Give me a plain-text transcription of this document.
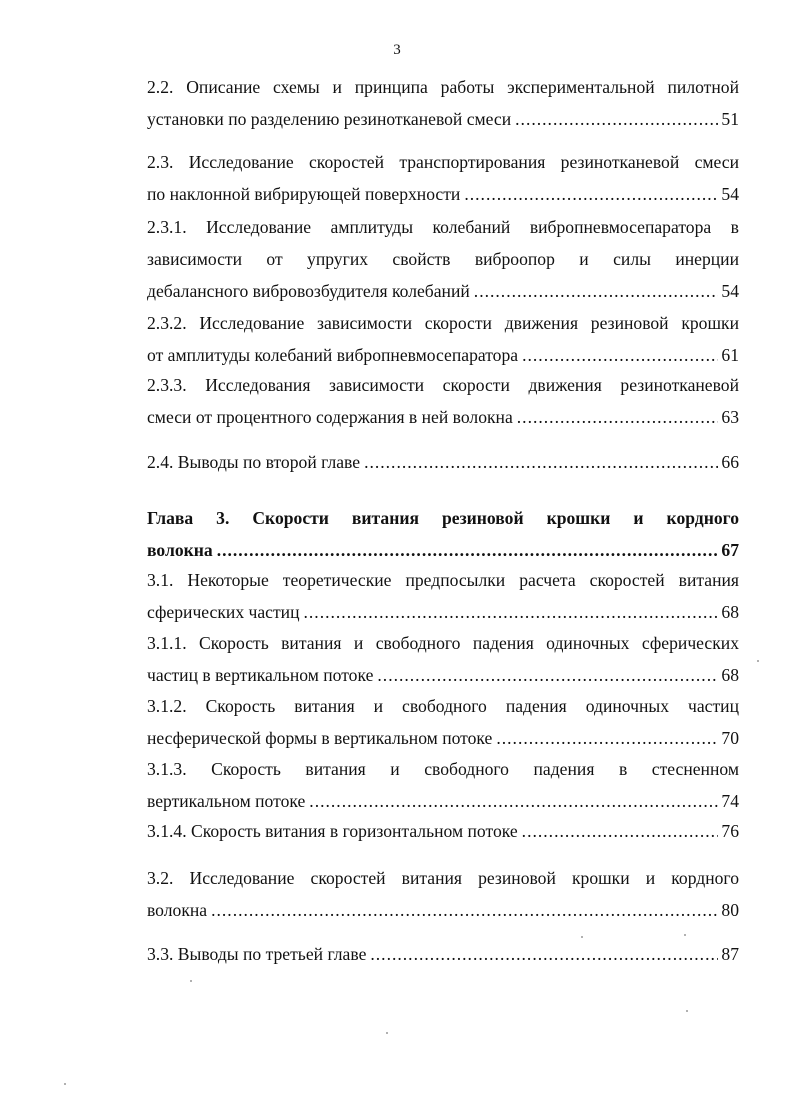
3

2.2. Описание схемы и принципа работы экспериментальной пилотной

установки по разделению резинотканевой смеси .....	51

2.3. Исследование скоростей транспортирования резинотканевой смеси

по наклонной вибрирующей поверхности .....	54

2.3.1. Исследование амплитуды колебаний вибропневмосепаратора в

зависимости от упругих свойств виброопор и силы инерции

дебалансного вибровозбудителя колебаний .....	54

2.3.2. Исследование зависимости скорости движения резиновой крошки

от амплитуды колебаний вибропневмосепаратора .....	61

2.3.3. Исследования зависимости скорости движения резинотканевой

смеси от процентного содержания в ней волокна .....	63

2.4. Выводы по второй главе .....	66

Глава 3. Скорости витания резиновой крошки и кордного

волокна .....	67

3.1. Некоторые теоретические предпосылки расчета скоростей витания

сферических частиц .....	68

3.1.1. Скорость витания и свободного падения одиночных сферических

частиц в вертикальном потоке .....	68

3.1.2. Скорость витания и свободного падения одиночных частиц

несферической формы в вертикальном потоке .....	70

3.1.3. Скорость витания и свободного падения в стесненном

вертикальном потоке .....	74

3.1.4. Скорость витания в горизонтальном потоке .....	76

3.2. Исследование скоростей витания резиновой крошки и кордного

волокна .....	80

3.3. Выводы по третьей главе .....	87
